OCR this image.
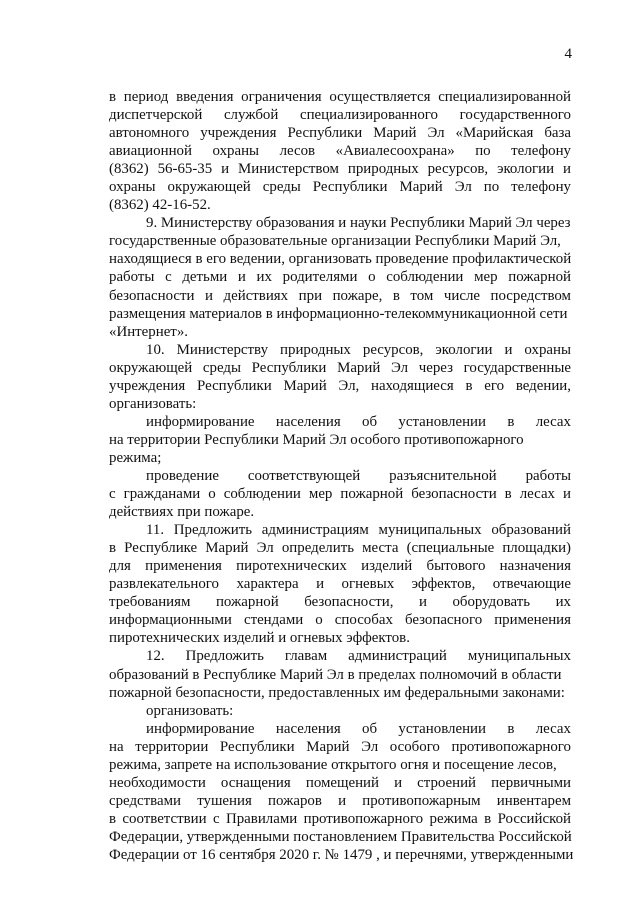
4
в период введения ограничения осуществляется специализированной
диспетчерской службой специализированного государственного
автономного учреждения Республики Марий Эл «Марийская база
авиационной охраны лесов «Авиалесоохрана» по телефону
(8362) 56-65-35 и Министерством природных ресурсов, экологии и
охраны окружающей среды Республики Марий Эл по телефону
(8362) 42-16-52.
9. Министерству образования и науки Республики Марий Эл через
государственные образовательные организации Республики Марий Эл,
находящиеся в его ведении, организовать проведение профилактической
работы с детьми и их родителями о соблюдении мер пожарной
безопасности и действиях при пожаре, в том числе посредством
размещения материалов в информационно-телекоммуникационной сети
«Интернет».
10. Министерству природных ресурсов, экологии и охраны
окружающей среды Республики Марий Эл через государственные
учреждения Республики Марий Эл, находящиеся в его ведении,
организовать:
информирование населения об установлении в лесах
на территории Республики Марий Эл особого противопожарного
режима;
проведение соответствующей разъяснительной работы
с гражданами о соблюдении мер пожарной безопасности в лесах и
действиях при пожаре.
11. Предложить администрациям муниципальных образований
в Республике Марий Эл определить места (специальные площадки)
для применения пиротехнических изделий бытового назначения
развлекательного характера и огневых эффектов, отвечающие
требованиям пожарной безопасности, и оборудовать их
информационными стендами о способах безопасного применения
пиротехнических изделий и огневых эффектов.
12. Предложить главам администраций муниципальных
образований в Республике Марий Эл в пределах полномочий в области
пожарной безопасности, предоставленных им федеральными законами:
организовать:
информирование населения об установлении в лесах
на территории Республики Марий Эл особого противопожарного
режима, запрете на использование открытого огня и посещение лесов,
необходимости оснащения помещений и строений первичными
средствами тушения пожаров и противопожарным инвентарем
в соответствии с Правилами противопожарного режима в Российской
Федерации, утвержденными постановлением Правительства Российской
Федерации от 16 сентября 2020 г. № 1479 , и перечнями, утвержденными
